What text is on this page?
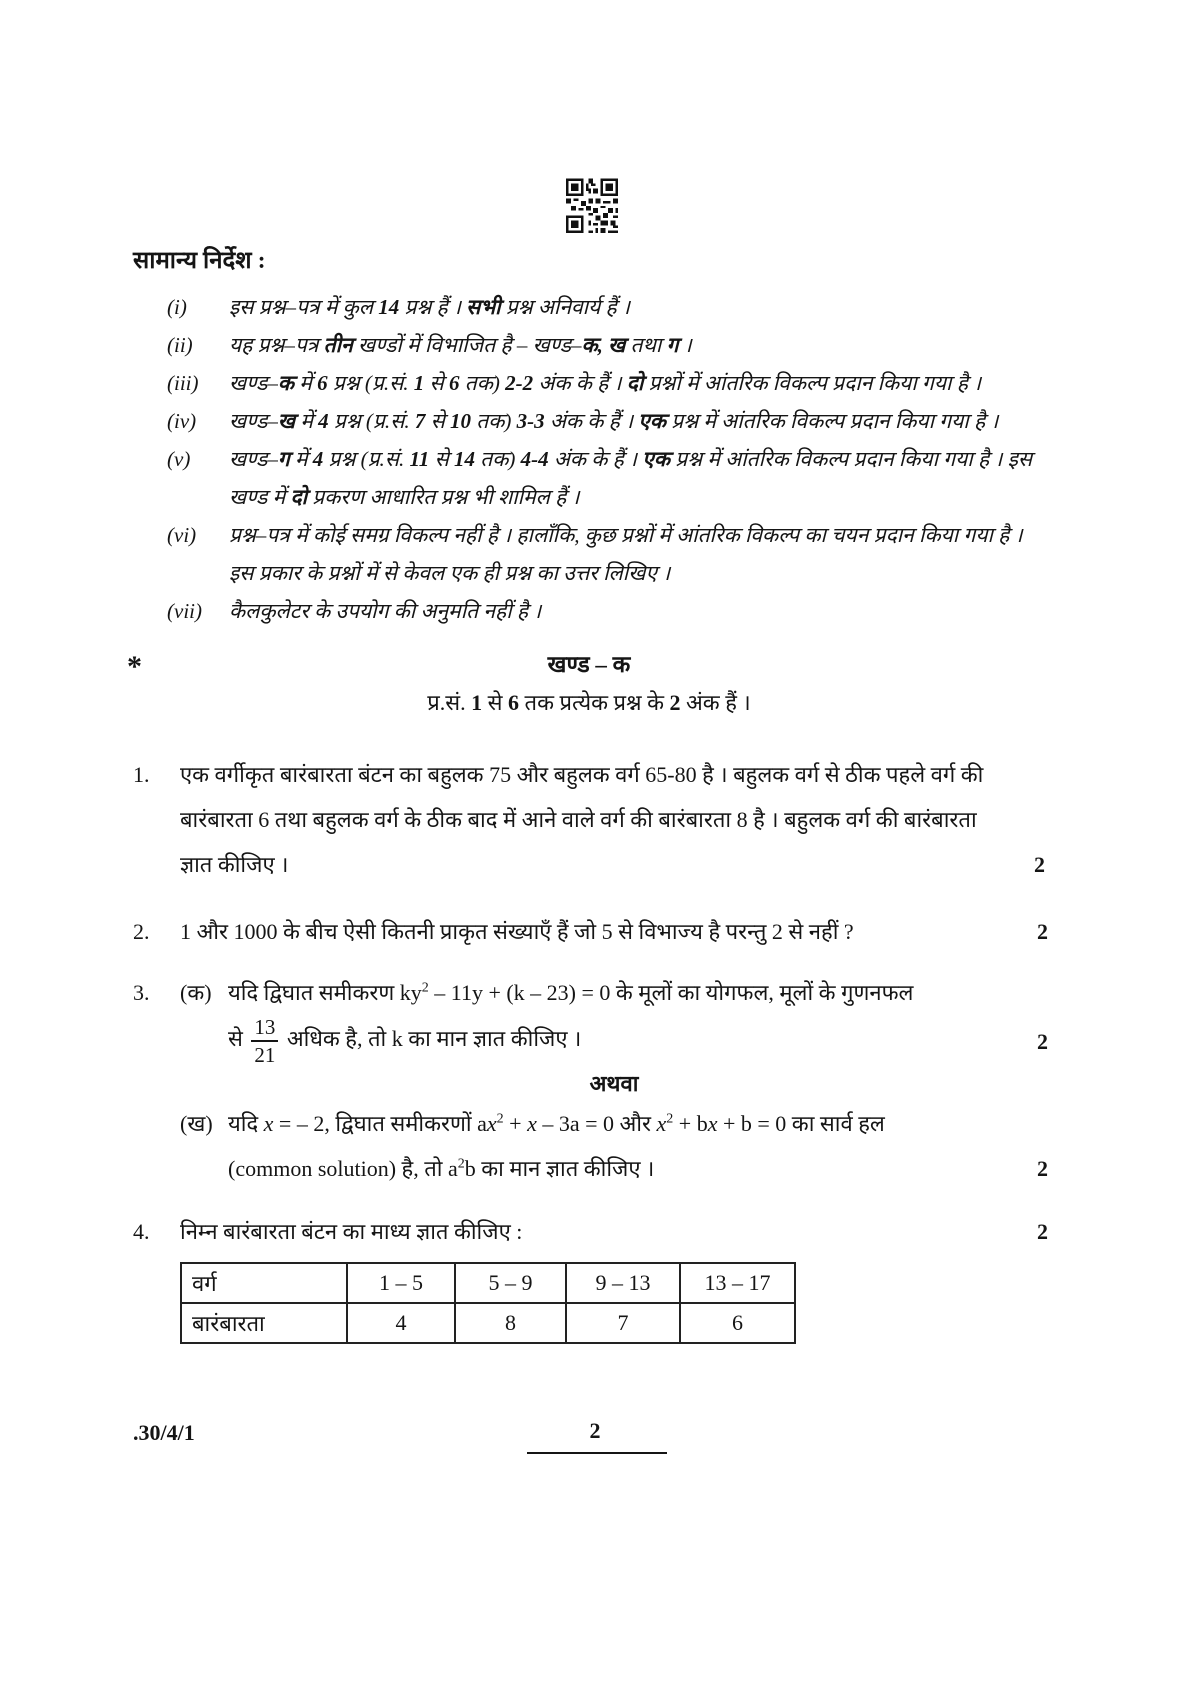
सामान्य निर्देश :
(i)	इस प्रश्न–पत्र में कुल 14 प्रश्न हैं । सभी प्रश्न अनिवार्य हैं ।
(ii)	यह प्रश्न–पत्र तीन खण्डों में विभाजित है – खण्ड–क, ख तथा ग ।
(iii)	खण्ड–क में 6 प्रश्न (प्र.सं. 1 से 6 तक) 2-2 अंक के हैं । दो प्रश्नों में आंतरिक विकल्प प्रदान किया गया है ।
(iv)	खण्ड–ख में 4 प्रश्न (प्र.सं. 7 से 10 तक) 3-3 अंक के हैं । एक प्रश्न में आंतरिक विकल्प प्रदान किया गया है ।
(v)	खण्ड–ग में 4 प्रश्न (प्र.सं. 11 से 14 तक) 4-4 अंक के हैं । एक प्रश्न में आंतरिक विकल्प प्रदान किया गया है । इस खण्ड में दो प्रकरण आधारित प्रश्न भी शामिल हैं ।
(vi)	प्रश्न–पत्र में कोई समग्र विकल्प नहीं है । हालाँकि, कुछ प्रश्नों में आंतरिक विकल्प का चयन प्रदान किया गया है । इस प्रकार के प्रश्नों में से केवल एक ही प्रश्न का उत्तर लिखिए ।
(vii)	कैलकुलेटर के उपयोग की अनुमति नहीं है ।
*	खण्ड – क
प्र.सं. 1 से 6 तक प्रत्येक प्रश्न के 2 अंक हैं ।
1. एक वर्गीकृत बारंबारता बंटन का बहुलक 75 और बहुलक वर्ग 65-80 है । बहुलक वर्ग से ठीक पहले वर्ग की बारंबारता 6 तथा बहुलक वर्ग के ठीक बाद में आने वाले वर्ग की बारंबारता 8 है । बहुलक वर्ग की बारंबारता ज्ञात कीजिए ।	2
2. 1 और 1000 के बीच ऐसी कितनी प्राकृत संख्याएँ हैं जो 5 से विभाज्य है परन्तु 2 से नहीं ?	2
3. (क) यदि द्विघात समीकरण $ky^2 - 11y + (k - 23) = 0$ के मूलों का योगफल, मूलों के गुणनफल
से $\frac{13}{21}$ अधिक है, तो k का मान ज्ञात कीजिए ।	2
अथवा
(ख) यदि x = – 2, द्विघात समीकरणों $ax^2 + x - 3a = 0$ और $x^2$ + bx + b = 0 का सार्व हल
(common solution) है, तो $a^2b$ का मान ज्ञात कीजिए ।	2
4. निम्न बारंबारता बंटन का माध्य ज्ञात कीजिए :	2
वर्ग	1 – 5	5 – 9	9 – 13	13 – 17
बारंबारता	4	8	7	6
.30/4/1	2
